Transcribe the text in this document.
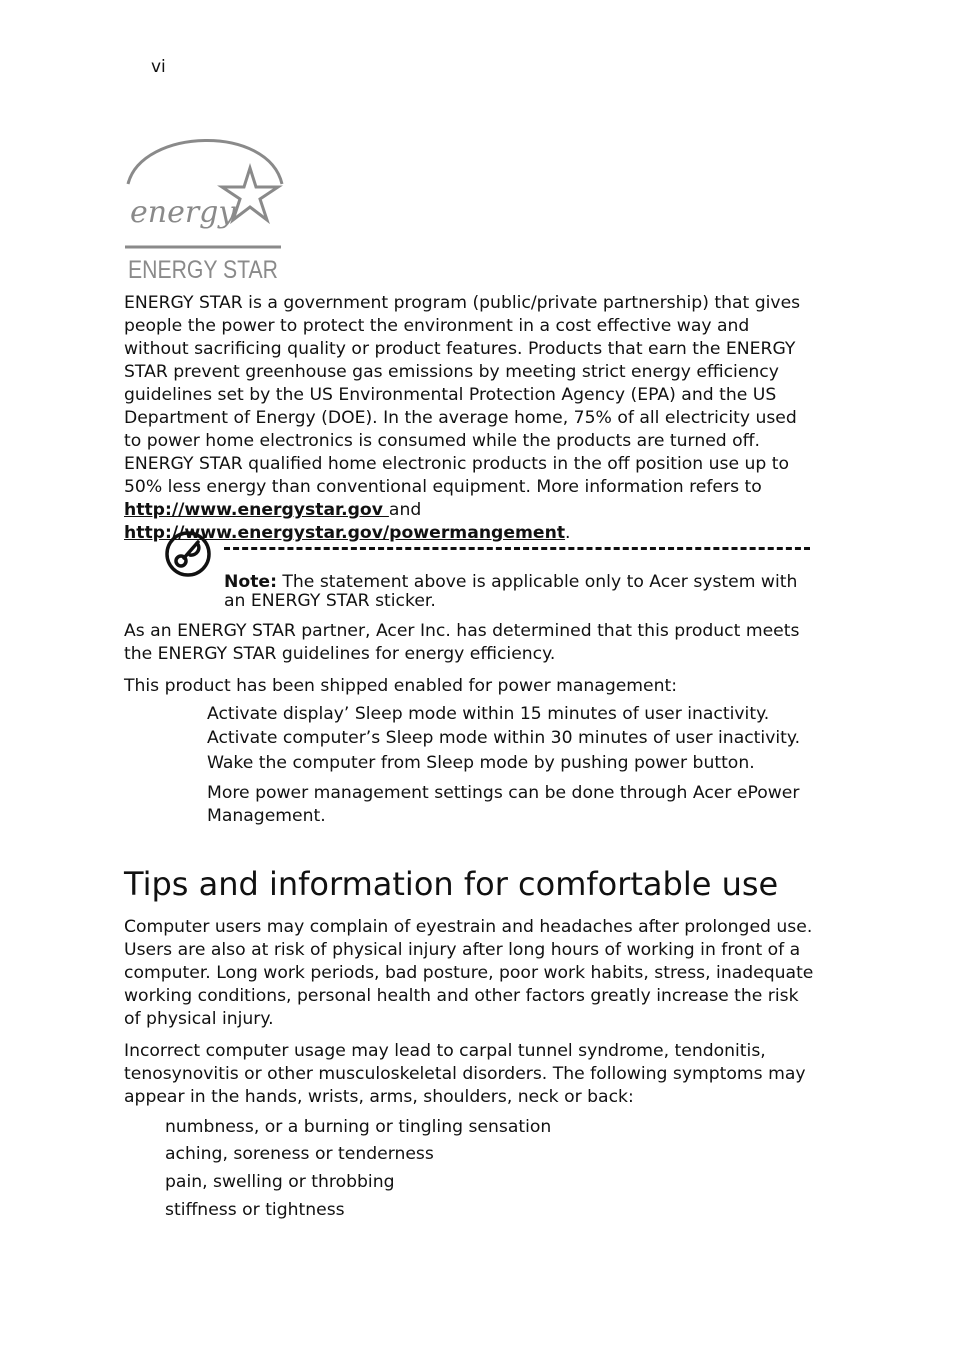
vi
energy
ENERGY STAR

ENERGY STAR is a government program (public/private partnership) that gives people the power to protect the environment in a cost effective way and without sacrificing quality or product features. Products that earn the ENERGY STAR prevent greenhouse gas emissions by meeting strict energy efficiency guidelines set by the US Environmental Protection Agency (EPA) and the US Department of Energy (DOE). In the average home, 75% of all electricity used to power home electronics is consumed while the products are turned off. ENERGY STAR qualified home electronic products in the off position use up to 50% less energy than conventional equipment. More information refers to http://www.energystar.gov and http://www.energystar.gov/powermangement.

Note: The statement above is applicable only to Acer system with an ENERGY STAR sticker.

As an ENERGY STAR partner, Acer Inc. has determined that this product meets the ENERGY STAR guidelines for energy efficiency.

This product has been shipped enabled for power management:

Activate display’ Sleep mode within 15 minutes of user inactivity.

Activate computer’s Sleep mode within 30 minutes of user inactivity.

Wake the computer from Sleep mode by pushing power button.

More power management settings can be done through Acer ePower Management.

Tips and information for comfortable use

Computer users may complain of eyestrain and headaches after prolonged use. Users are also at risk of physical injury after long hours of working in front of a computer. Long work periods, bad posture, poor work habits, stress, inadequate working conditions, personal health and other factors greatly increase the risk of physical injury.

Incorrect computer usage may lead to carpal tunnel syndrome, tendonitis, tenosynovitis or other musculoskeletal disorders. The following symptoms may appear in the hands, wrists, arms, shoulders, neck or back:

numbness, or a burning or tingling sensation

aching, soreness or tenderness

pain, swelling or throbbing

stiffness or tightness
